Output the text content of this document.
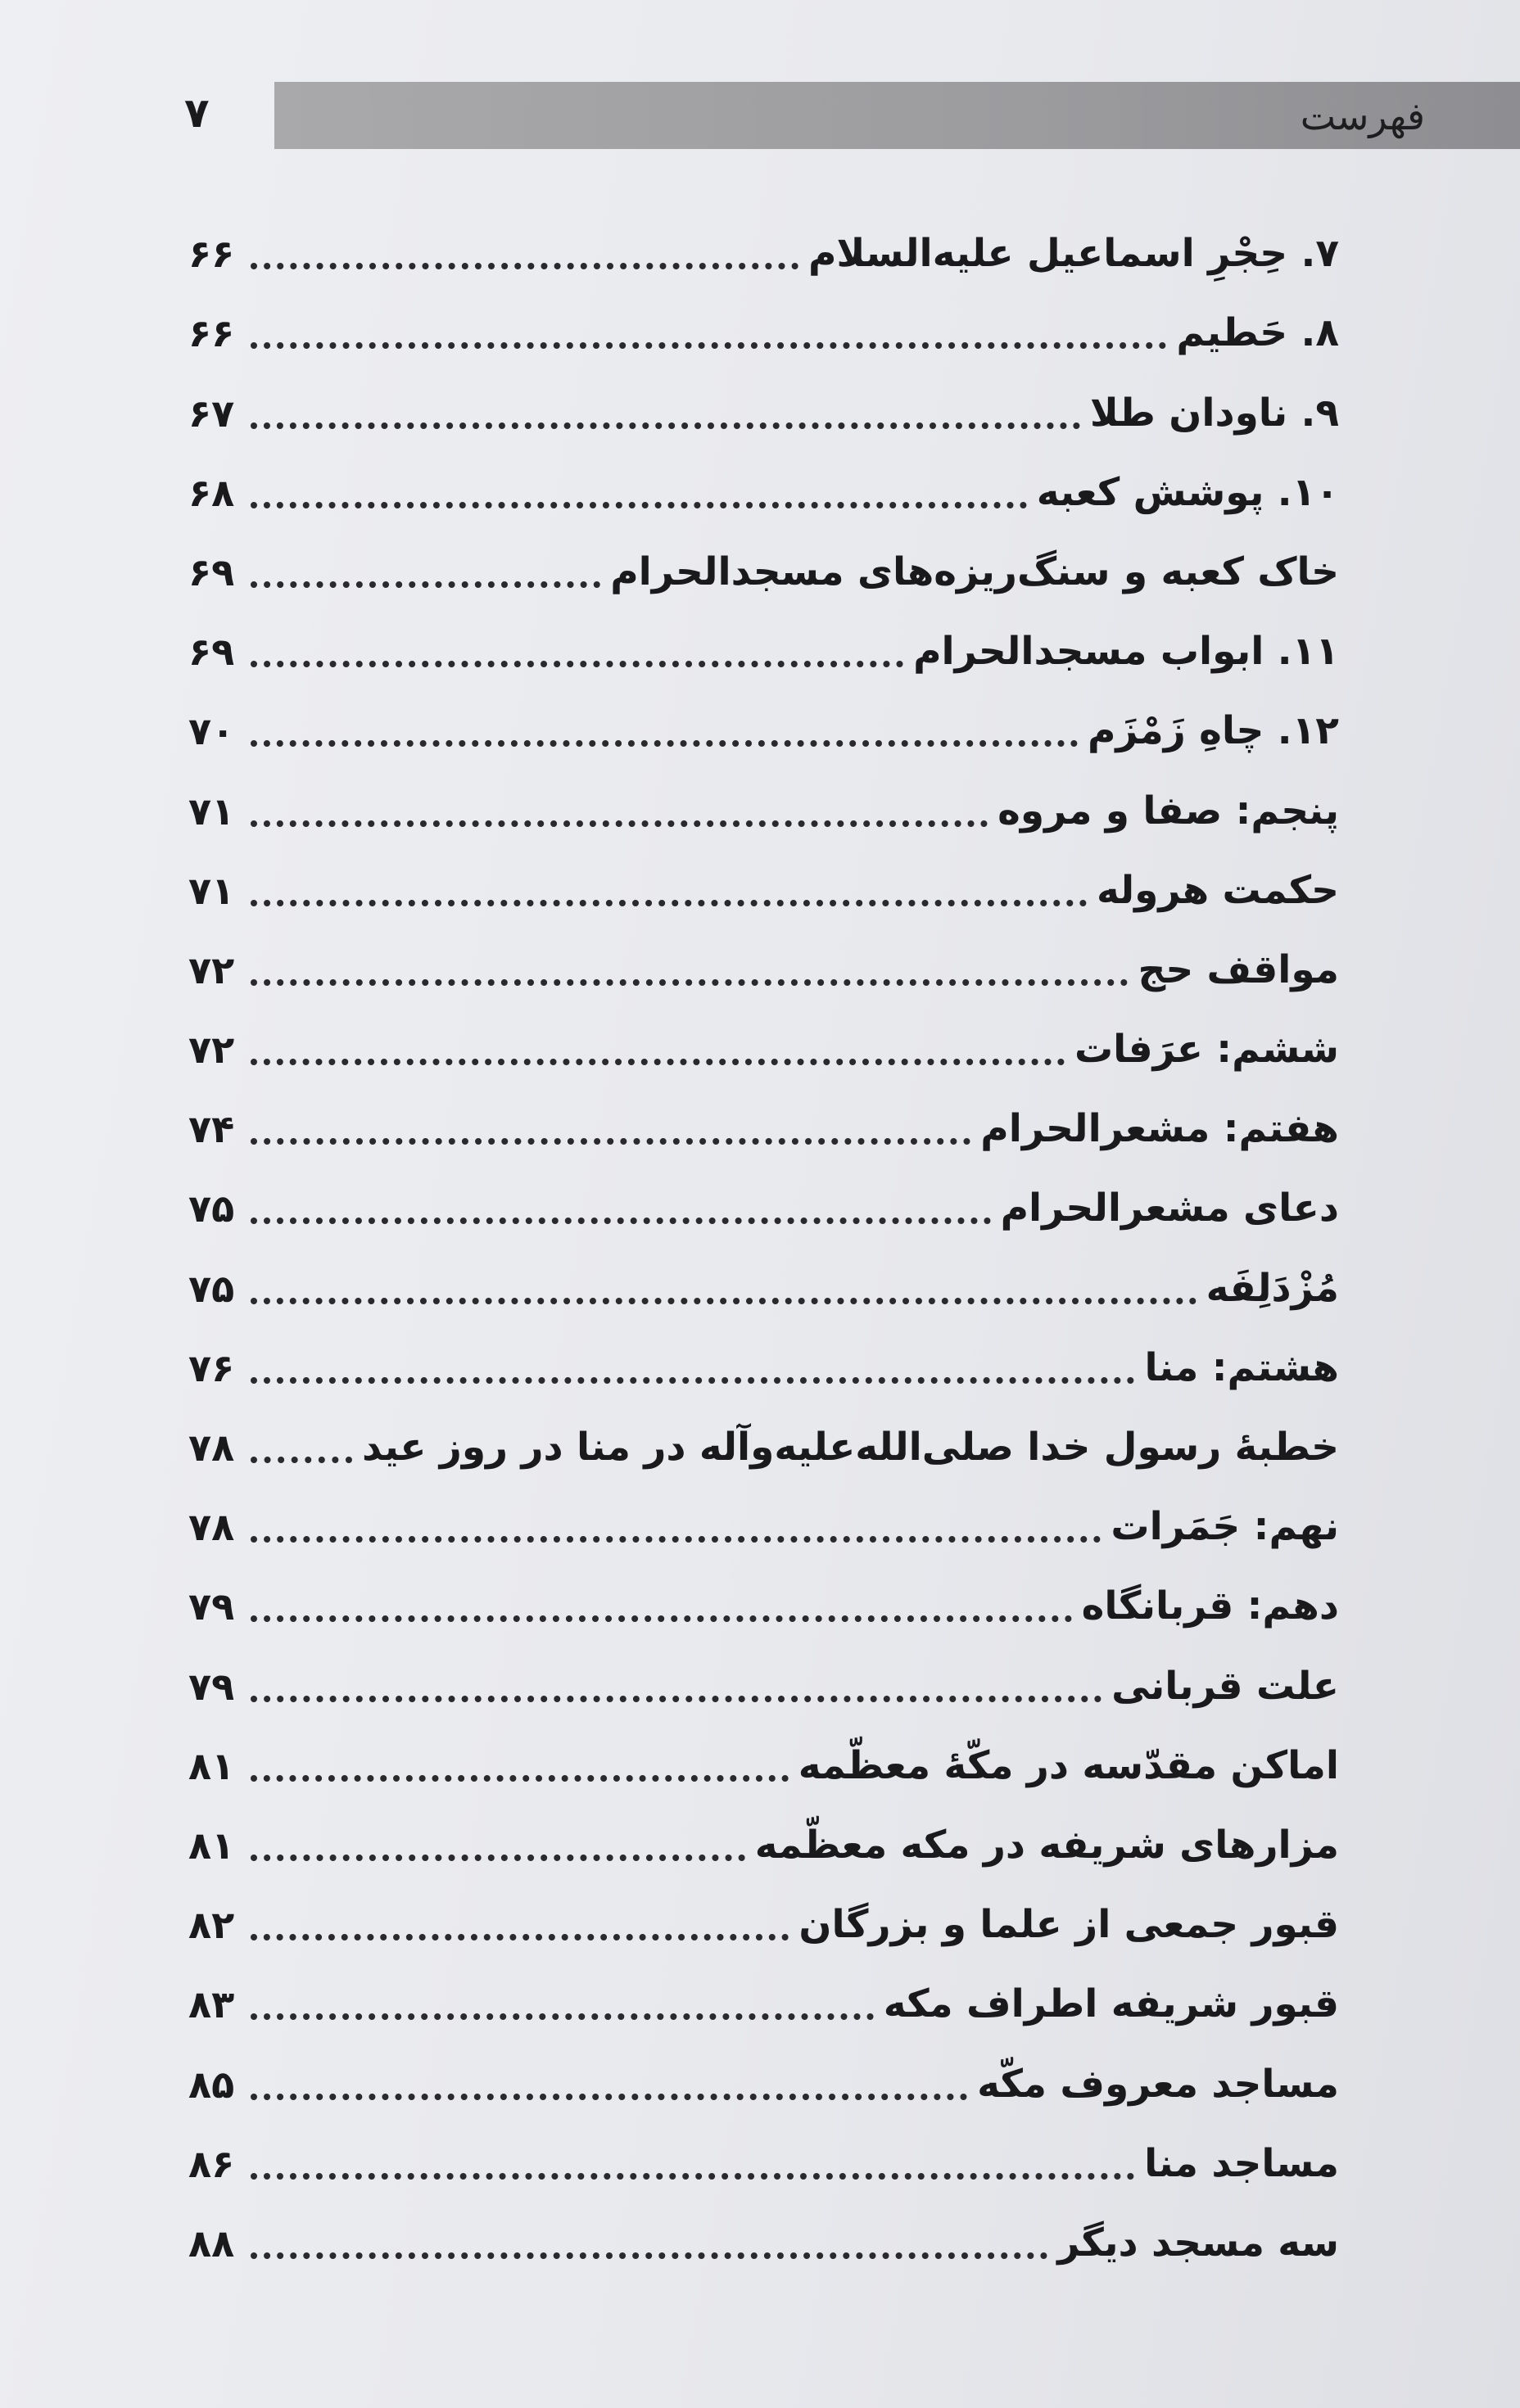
فهرست
۷
۷. حِجْرِ اسماعیل علیه‌السلام
۶۶
۸. حَطیم
۶۶
۹. ناودان طلا
۶۷
۱۰. پوشش کعبه
۶۸
خاک کعبه و سنگ‌ریزه‌های مسجدالحرام
۶۹
۱۱. ابواب مسجدالحرام
۶۹
۱۲. چاهِ زَمْزَم
۷۰
پنجم: صفا و مروه
۷۱
حکمت هروله
۷۱
مواقف حج
۷۲
ششم: عرَفات
۷۲
هفتم: مشعرالحرام
۷۴
دعای مشعرالحرام
۷۵
مُزْدَلِفَه
۷۵
هشتم: منا
۷۶
خطبهٔ رسول خدا صلی‌الله‌علیه‌وآله در منا در روز عید
۷۸
نهم: جَمَرات
۷۸
دهم: قربانگاه
۷۹
علت قربانی
۷۹
اماکن مقدّسه در مکّهٔ معظّمه
۸۱
مزارهای شریفه در مکه معظّمه
۸۱
قبور جمعی از علما و بزرگان
۸۲
قبور شریفه اطراف مکه
۸۳
مساجد معروف مکّه
۸۵
مساجد منا
۸۶
سه مسجد دیگر
۸۸
